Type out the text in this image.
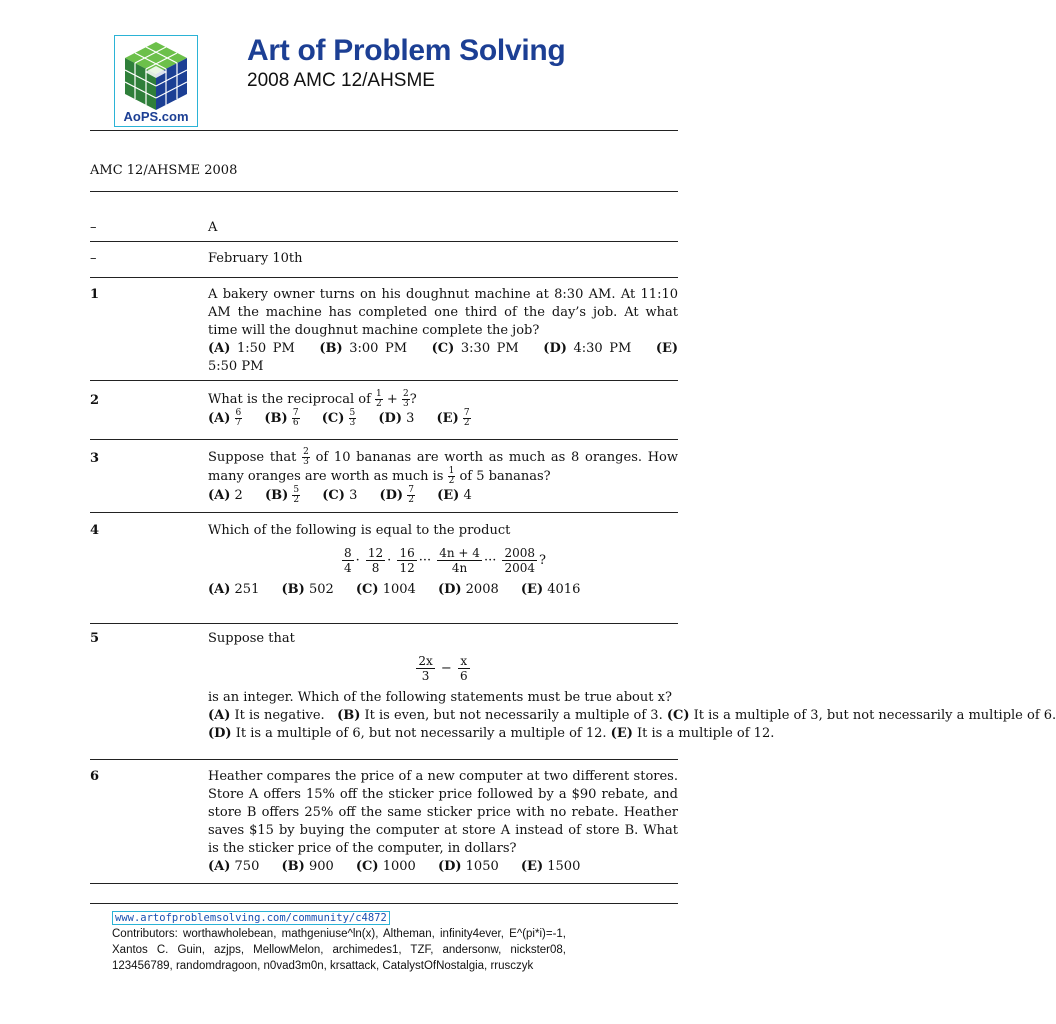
AoPS.com
Art of Problem Solving
2008 AMC 12/AHSME
AMC 12/AHSME 2008
–	A
–	February 10th
1	A bakery owner turns on his doughnut machine at 8:30 AM. At 11:10 AM the machine has completed one third of the day’s job. At what time will the doughnut machine complete the job?
(A) 1:50 PM (B) 3:00 PM (C) 3:30 PM (D) 4:30 PM (E) 5:50 PM
2	What is the reciprocal of $\frac{1}{2} + \frac{2}{3}$ ?
$(A) \frac{6}{7} (B) \frac{7}{6} (C) \frac{5}{3} (D)$ 3 $(E) \frac{7}{2}$
3	Suppose that $\frac{2}{3}$ of 10 bananas are worth as much as 8 oranges. How many oranges are worth as much is $\frac{1}{2}$ of 5 bananas?
(A) 2 $(B) \frac{5}{2} (C)$ 3 $(D) \frac{7}{2} (E)$ 4
4	Which of the following is equal to the product
$\frac{8}{4} \cdot \frac{12}{8} \cdot \frac{16}{12}$ ··· $\frac{4n + 4}{4n}$ ··· $\frac{2008}{2004}$ ?
(A) 251 (B) 502 (C) 1004 (D) 2008 (E) 4016
5	Suppose that
$\frac{2x}{3} - \frac{x}{6}$
is an integer. Which of the following statements must be true about x?
(A) It is negative. (B) It is even, but not necessarily a multiple of 3. (C) It is a multiple of 3, but not necessarily a multiple of 6.
(D) It is a multiple of 6, but not necessarily a multiple of 12. (E) It is a multiple of 12.
6	Heather compares the price of a new computer at two different stores. Store A offers 15% off the sticker price followed by a $90 rebate, and store B offers 25% off the same sticker price with no rebate. Heather saves $15 by buying the computer at store A instead of store B. What is the sticker price of the computer, in dollars?
(A) 750 (B) 900 (C) 1000 (D) 1050 (E) 1500
www.artofproblemsolving.com/community/c4872
Contributors: worthawholebean, mathgeniuse^ln(x), Altheman, infinity4ever, E^(pi*i)=-1, Xantos C. Guin, azjps, MellowMelon, archimedes1, TZF, andersonw, nickster08, 123456789, randomdragoon, n0vad3m0n, krsattack, CatalystOfNostalgia, rrusczyk
